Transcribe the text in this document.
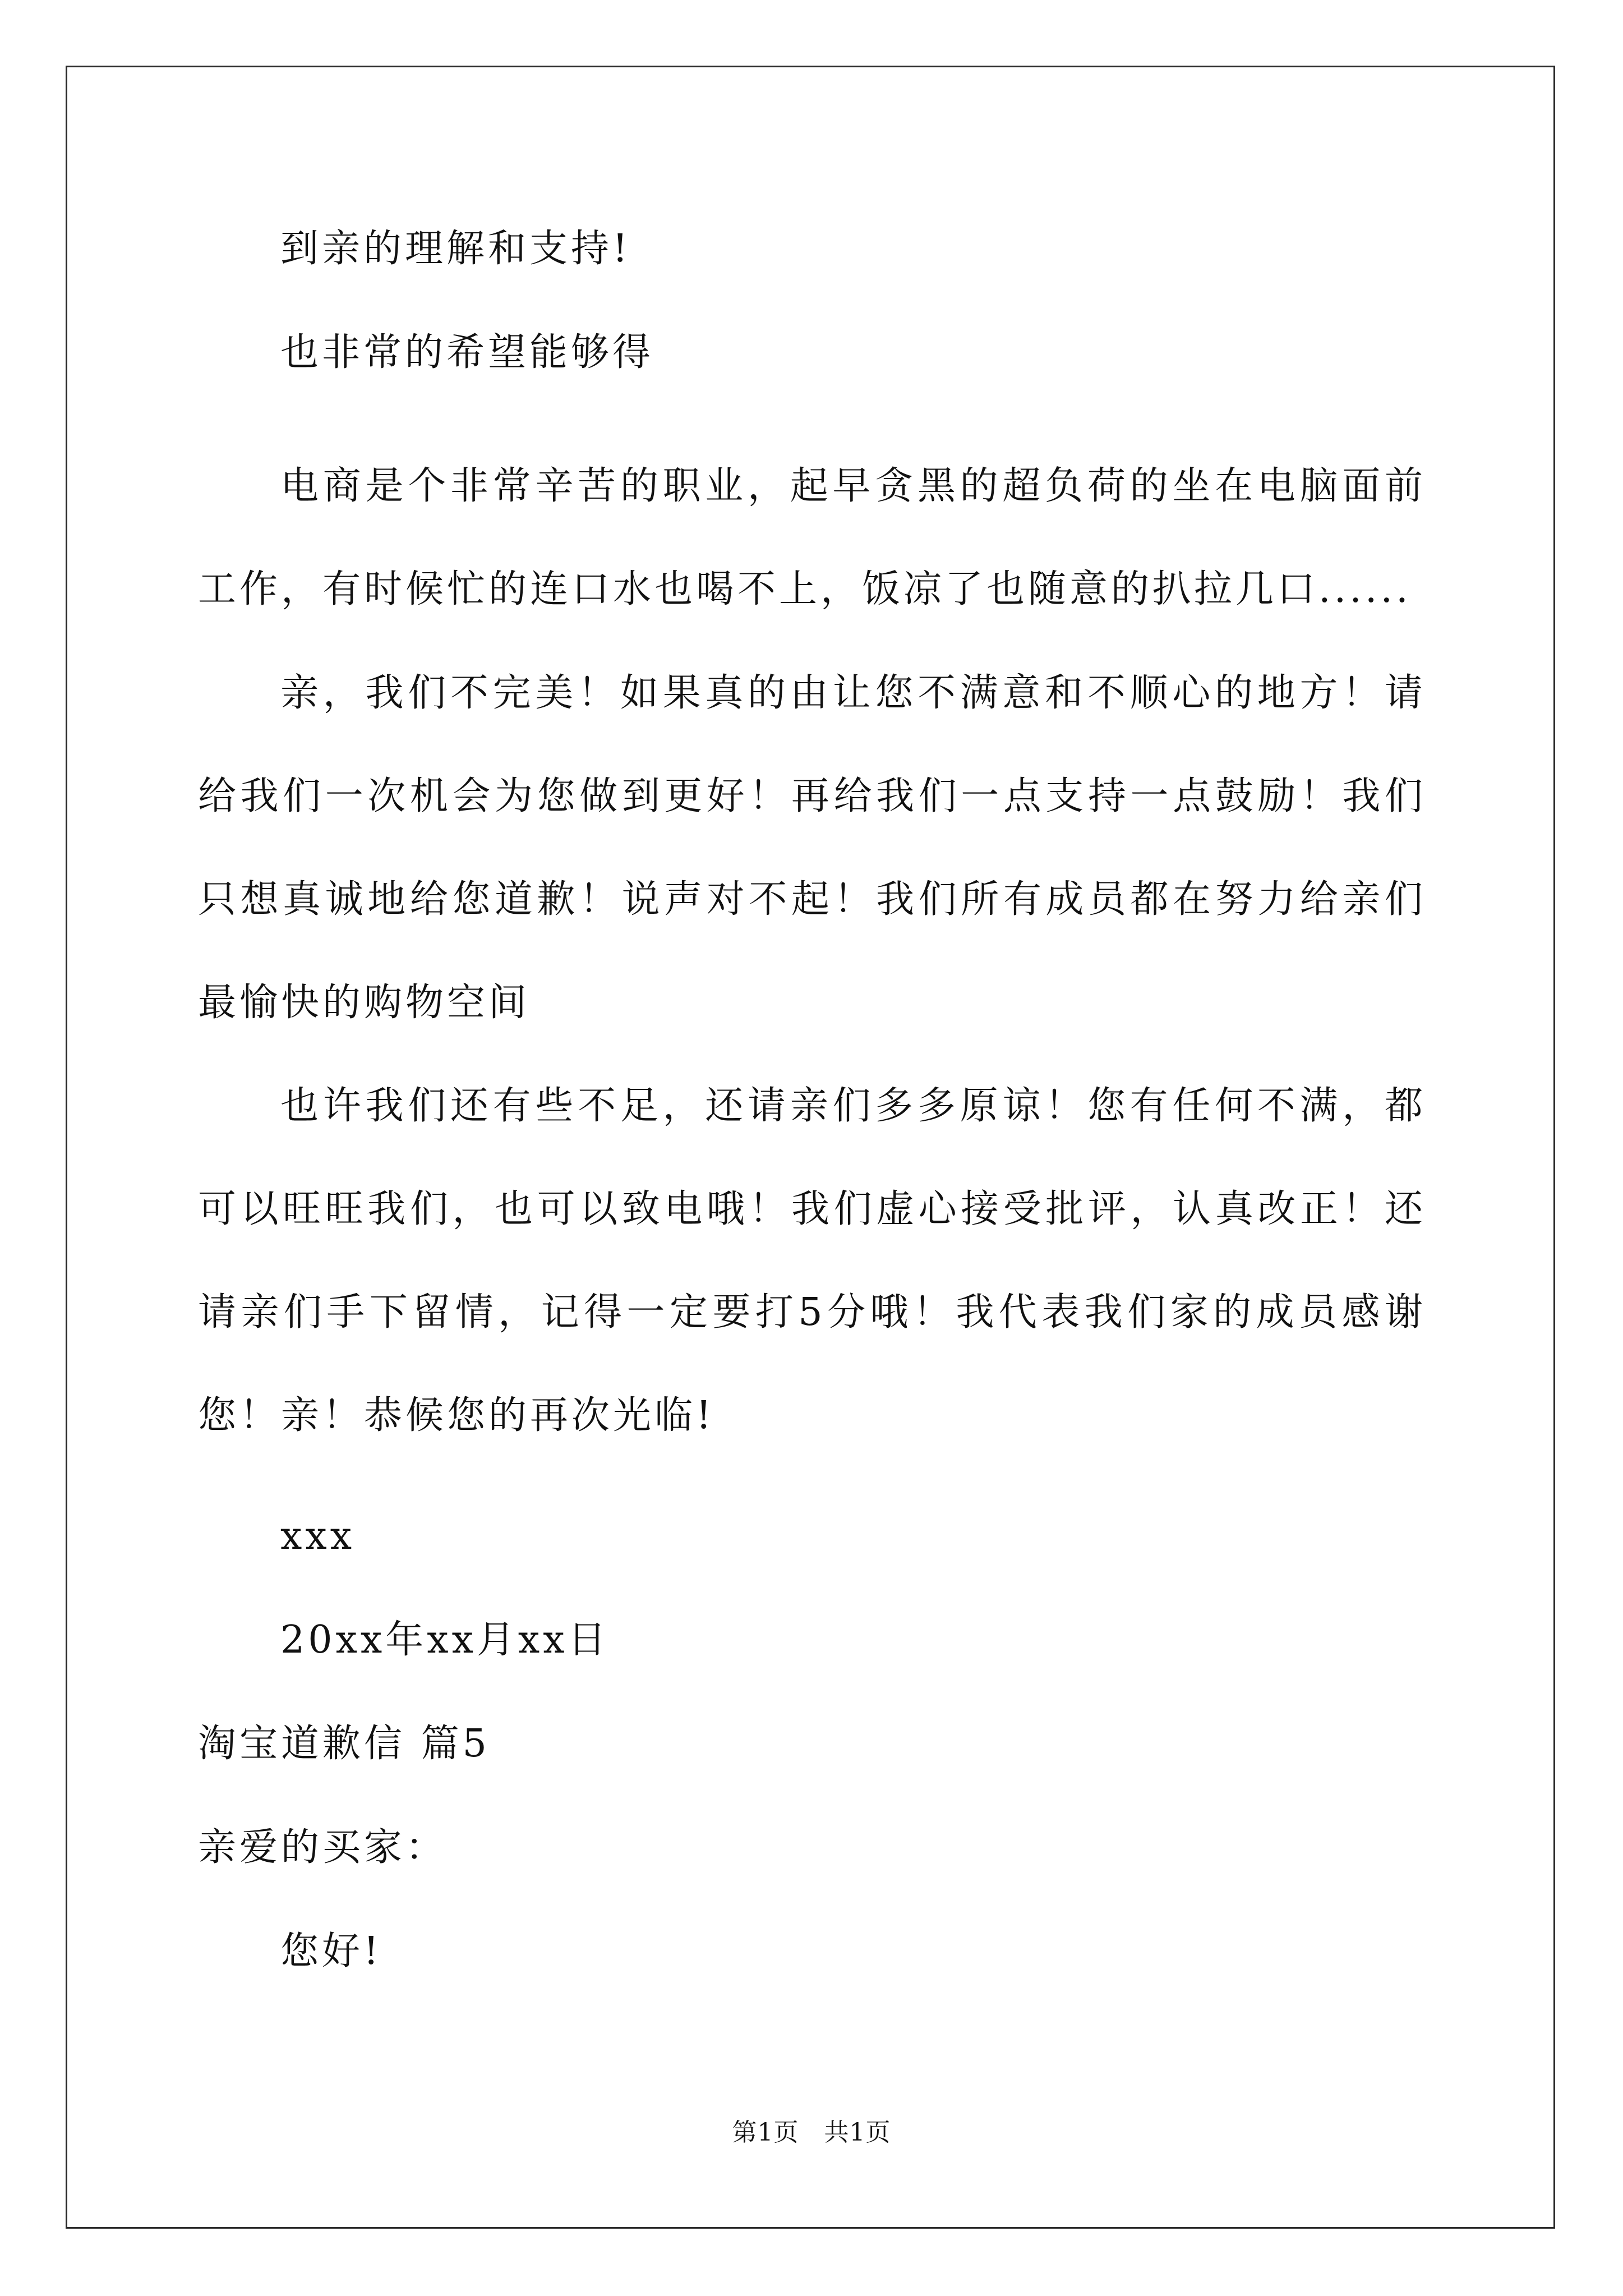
到亲的理解和支持!
也非常的希望能够得

电商是个非常辛苦的职业，起早贪黑的超负荷的坐在电脑面前工作，有时候忙的连口水也喝不上，饭凉了也随意的扒拉几口......

亲，我们不完美！如果真的由让您不满意和不顺心的地方！请给我们一次机会为您做到更好！再给我们一点支持一点鼓励！我们只想真诚地给您道歉！说声对不起！我们所有成员都在努力给亲们最愉快的购物空间

也许我们还有些不足，还请亲们多多原谅！您有任何不满，都可以旺旺我们，也可以致电哦！我们虚心接受批评，认真改正！还请亲们手下留情，记得一定要打5分哦！我代表我们家的成员感谢您！亲！恭候您的再次光临!

xxx
20xx年xx月xx日
淘宝道歉信 篇5
亲爱的买家：
您好!
第1页   共1页
